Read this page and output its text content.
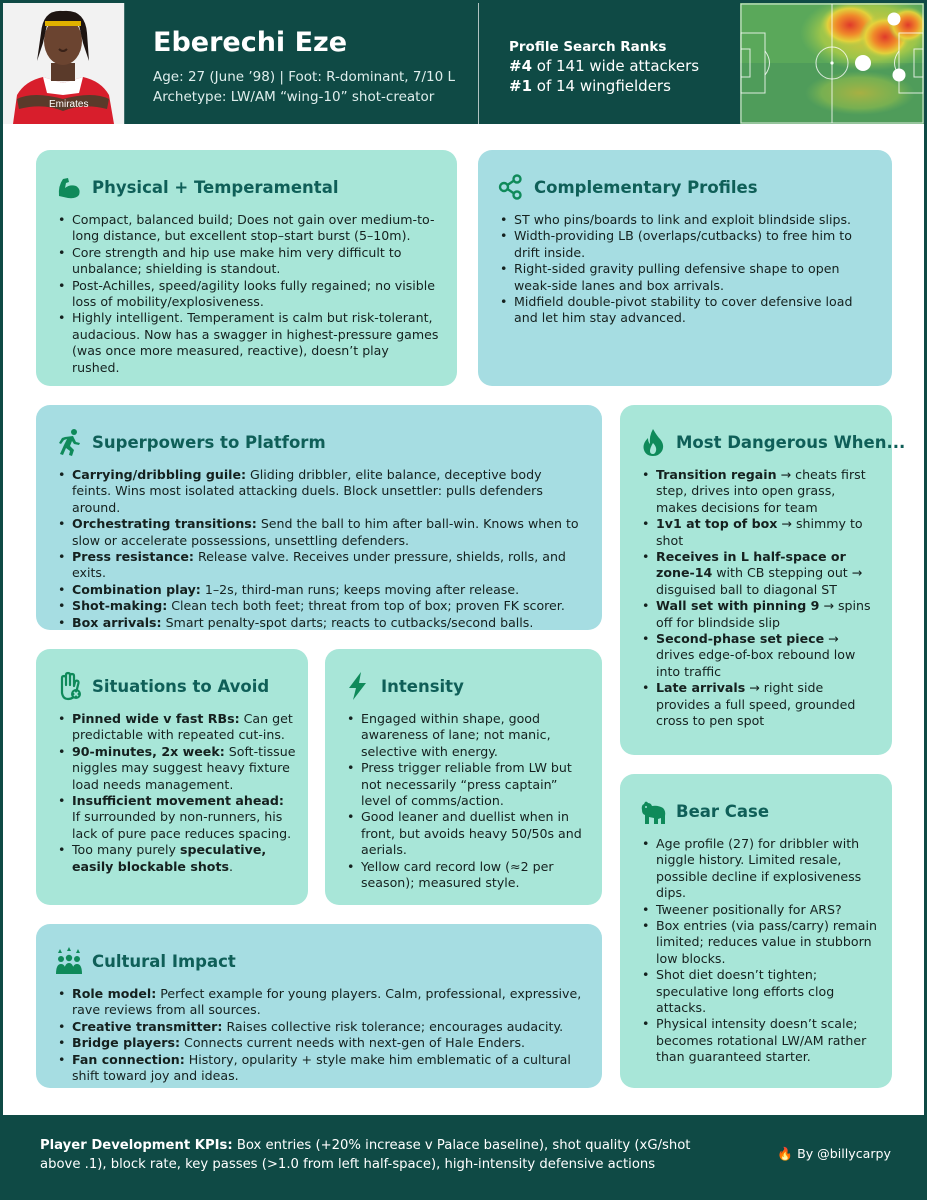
Emirates
Eberechi Eze
Age: 27 (June ’98) | Foot: R-dominant, 7/10 L
Archetype: LW/AM “wing-10” shot-creator
Profile Search Ranks
#4 of 141 wide attackers
#1 of 14 wingfielders
Physical + Temperamental
• Compact, balanced build; Does not gain over medium-to-long distance, but excellent stop–start burst (5–10m).
• Core strength and hip use make him very difficult to unbalance; shielding is standout.
• Post-Achilles, speed/agility looks fully regained; no visible loss of mobility/explosiveness.
• Highly intelligent. Temperament is calm but risk-tolerant, audacious. Now has a swagger in highest-pressure games (was once more measured, reactive), doesn’t play rushed.
Complementary Profiles
• ST who pins/boards to link and exploit blindside slips.
• Width-providing LB (overlaps/cutbacks) to free him to drift inside.
• Right-sided gravity pulling defensive shape to open weak-side lanes and box arrivals.
• Midfield double-pivot stability to cover defensive load and let him stay advanced.
Superpowers to Platform
• Carrying/dribbling guile: Gliding dribbler, elite balance, deceptive body feints. Wins most isolated attacking duels. Block unsettler: pulls defenders around.
• Orchestrating transitions: Send the ball to him after ball-win. Knows when to slow or accelerate possessions, unsettling defenders.
• Press resistance: Release valve. Receives under pressure, shields, rolls, and exits.
• Combination play: 1–2s, third-man runs; keeps moving after release.
• Shot-making: Clean tech both feet; threat from top of box; proven FK scorer.
• Box arrivals: Smart penalty-spot darts; reacts to cutbacks/second balls.
Most Dangerous When...
• Transition regain → cheats first step, drives into open grass, makes decisions for team
• 1v1 at top of box → shimmy to shot
• Receives in L half-space or zone-14 with CB stepping out → disguised ball to diagonal ST
• Wall set with pinning 9 → spins off for blindside slip
• Second-phase set piece → drives edge-of-box rebound low into traffic
• Late arrivals → right side provides a full speed, grounded cross to pen spot
Situations to Avoid
• Pinned wide v fast RBs: Can get predictable with repeated cut-ins.
• 90-minutes, 2x week: Soft-tissue niggles may suggest heavy fixture load needs management.
• Insufficient movement ahead: If surrounded by non-runners, his lack of pure pace reduces spacing.
• Too many purely speculative, easily blockable shots.
Intensity
• Engaged within shape, good awareness of lane; not manic, selective with energy.
• Press trigger reliable from LW but not necessarily “press captain” level of comms/action.
• Good leaner and duellist when in front, but avoids heavy 50/50s and aerials.
• Yellow card record low (≈2 per season); measured style.
Bear Case
• Age profile (27) for dribbler with niggle history. Limited resale, possible decline if explosiveness dips.
• Tweener positionally for ARS?
• Box entries (via pass/carry) remain limited; reduces value in stubborn low blocks.
• Shot diet doesn’t tighten; speculative long efforts clog attacks.
• Physical intensity doesn’t scale; becomes rotational LW/AM rather than guaranteed starter.
Cultural Impact
• Role model: Perfect example for young players. Calm, professional, expressive, rave reviews from all sources.
• Creative transmitter: Raises collective risk tolerance; encourages audacity.
• Bridge players: Connects current needs with next-gen of Hale Enders.
• Fan connection: History, opularity + style make him emblematic of a cultural shift toward joy and ideas.
Player Development KPIs: Box entries (+20% increase v Palace baseline), shot quality (xG/shot above .1), block rate, key passes (>1.0 from left half-space), high-intensity defensive actions
🔥 By @billycarpy
